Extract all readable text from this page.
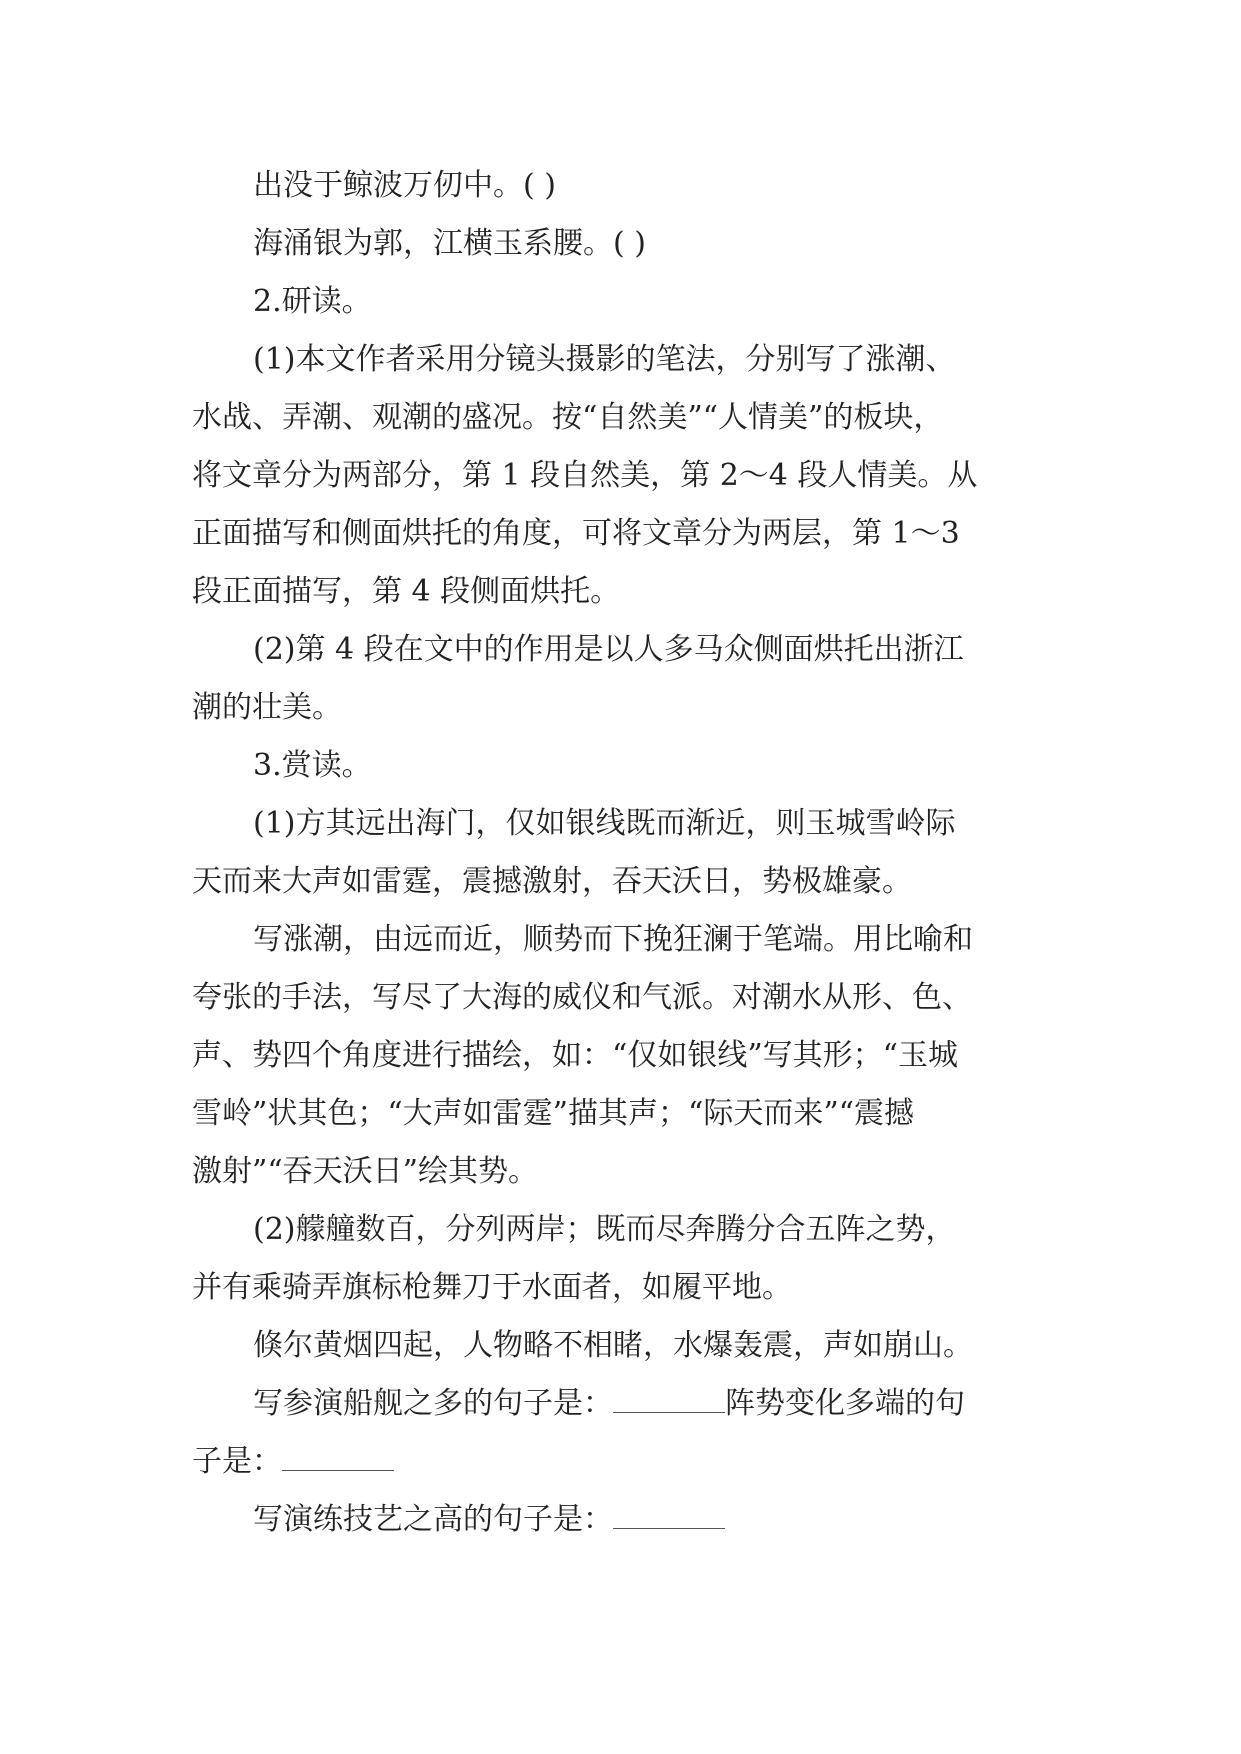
出没于鲸波万仞中。( )
海涌银为郭，江横玉系腰。( )
2.研读。
(1)本文作者采用分镜头摄影的笔法，分别写了涨潮、
水战、弄潮、观潮的盛况。按“自然美”“人情美”的板块，
将文章分为两部分，第 1 段自然美，第 2～4 段人情美。从
正面描写和侧面烘托的角度，可将文章分为两层，第 1～3
段正面描写，第 4 段侧面烘托。
(2)第 4 段在文中的作用是以人多马众侧面烘托出浙江
潮的壮美。
3.赏读。
(1)方其远出海门，仅如银线既而渐近，则玉城雪岭际
天而来大声如雷霆，震撼激射，吞天沃日，势极雄豪。
写涨潮，由远而近，顺势而下挽狂澜于笔端。用比喻和
夸张的手法，写尽了大海的威仪和气派。对潮水从形、色、
声、势四个角度进行描绘，如：“仅如银线”写其形；“玉城
雪岭”状其色；“大声如雷霆”描其声；“际天而来”“震撼
激射”“吞天沃日”绘其势。
(2)艨艟数百，分列两岸；既而尽奔腾分合五阵之势，
并有乘骑弄旗标枪舞刀于水面者，如履平地。
倏尔黄烟四起，人物略不相睹，水爆轰震，声如崩山。
写参演船舰之多的句子是：	阵势变化多端的句
子是：
写演练技艺之高的句子是：
